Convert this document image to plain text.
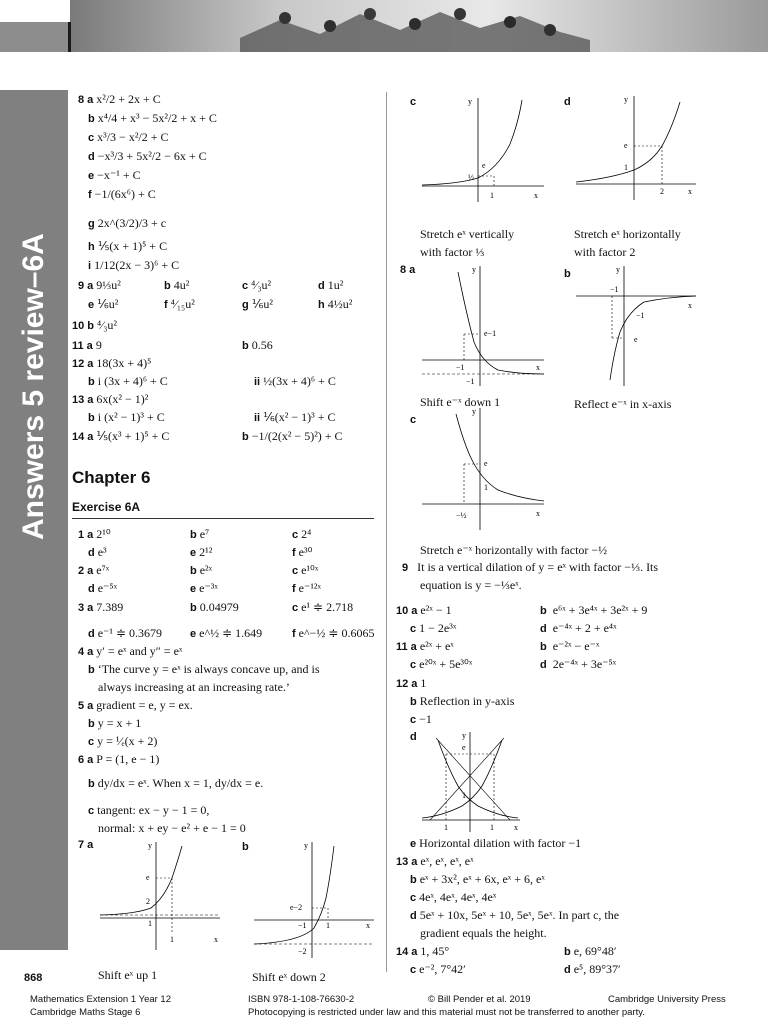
Answers 5 review–6A
8 a x²/2 + 2x + C
b x⁴/4 + x³ − 5x²/2 + x + C
c x³/3 − x²/2 + C
d −x³/3 + 5x²/2 − 6x + C
e −x⁻¹ + C
f −1/(6x⁶) + C
g 2x^(3/2)/3 + c
h ⅕(x + 1)⁵ + C
i 1/12(2x − 3)⁶ + C
9 a 9⅓u²	b 4u²	c ⁴⁄₃u²	d 1u²
e ⅙u²	f ⁴⁄₁₅u²	g ⅙u²	h 4½u²
10 b ⁴⁄₃u²
11 a 9	b 0.56
12 a 18(3x + 4)⁵
b i (3x + 4)⁶ + C	ii ½(3x + 4)⁶ + C
13 a 6x(x² − 1)²
b i (x² − 1)³ + C	ii ⅙(x² − 1)³ + C
14 a ⅕(x³ + 1)⁵ + C	b −1/(2(x² − 5)²) + C
Chapter 6
Exercise 6A
1 a 2¹⁰	b e⁷	c 2⁴
d e³	e 2¹²	f e³⁰
2 a e⁷ˣ	b e²ˣ	c e¹⁰ˣ
d e⁻⁵ˣ	e e⁻³ˣ	f e⁻¹²ˣ
3 a 7.389	b 0.04979	c e¹ ≑ 2.718
d e⁻¹ ≑ 0.3679	e e^½ ≑ 1.649	f e^−½ ≑ 0.6065
4 a y′ = eˣ and y″ = eˣ
b ‘The curve y = eˣ is always concave up, and is
always increasing at an increasing rate.’
5 a gradient = e, y = ex.
b y = x + 1
c y = ¹⁄ₑ(x + 2)
6 a P = (1, e − 1)
b dy/dx = eˣ. When x = 1, dy/dx = e.
c tangent: ex − y − 1 = 0,
normal: x + ey − e² + e − 1 = 0
7 a
e
2
1
1	x
y
Shift eˣ up 1
b
e−2
−1 1
−2
x
y
Shift eˣ down 2
c
e
⅓
1	x
y
Stretch eˣ vertically
with factor ⅓
d
e
1
2	x
y
Stretch eˣ horizontally
with factor 2
8 a
e−1
−1
−1
x
y
Shift e⁻ˣ down 1
b
−1
−1
e
x
y
Reflect e⁻ˣ in x-axis
c
e
1
−½	x
y
Stretch e⁻ˣ horizontally with factor −½
9 It is a vertical dilation of y = eˣ with factor −⅓. Its
equation is y = −⅓eˣ.
10 a e²ˣ − 1	b e⁶ˣ + 3e⁴ˣ + 3e²ˣ + 9
c 1 − 2e³ˣ	d e⁻⁴ˣ + 2 + e⁴ˣ
11 a e²ˣ + eˣ	b e⁻²ˣ − e⁻ˣ
c e²⁰ˣ + 5e³⁰ˣ	d 2e⁻⁴ˣ + 3e⁻⁵ˣ
12 a 1
b Reflection in y-axis
c −1
d
e
1
1	1	x
y
e Horizontal dilation with factor −1
13 a eˣ, eˣ, eˣ, eˣ
b eˣ + 3x², eˣ + 6x, eˣ + 6, eˣ
c 4eˣ, 4eˣ, 4eˣ, 4eˣ
d 5eˣ + 10x, 5eˣ + 10, 5eˣ, 5eˣ. In part c, the
gradient equals the height.
14 a 1, 45°	b e, 69°48′
c e⁻², 7°42′	d e⁵, 89°37′
868
Mathematics Extension 1 Year 12
Cambridge Maths Stage 6
ISBN 978-1-108-76630-2	© Bill Pender et al. 2019	Cambridge University Press
Photocopying is restricted under law and this material must not be transferred to another party.
